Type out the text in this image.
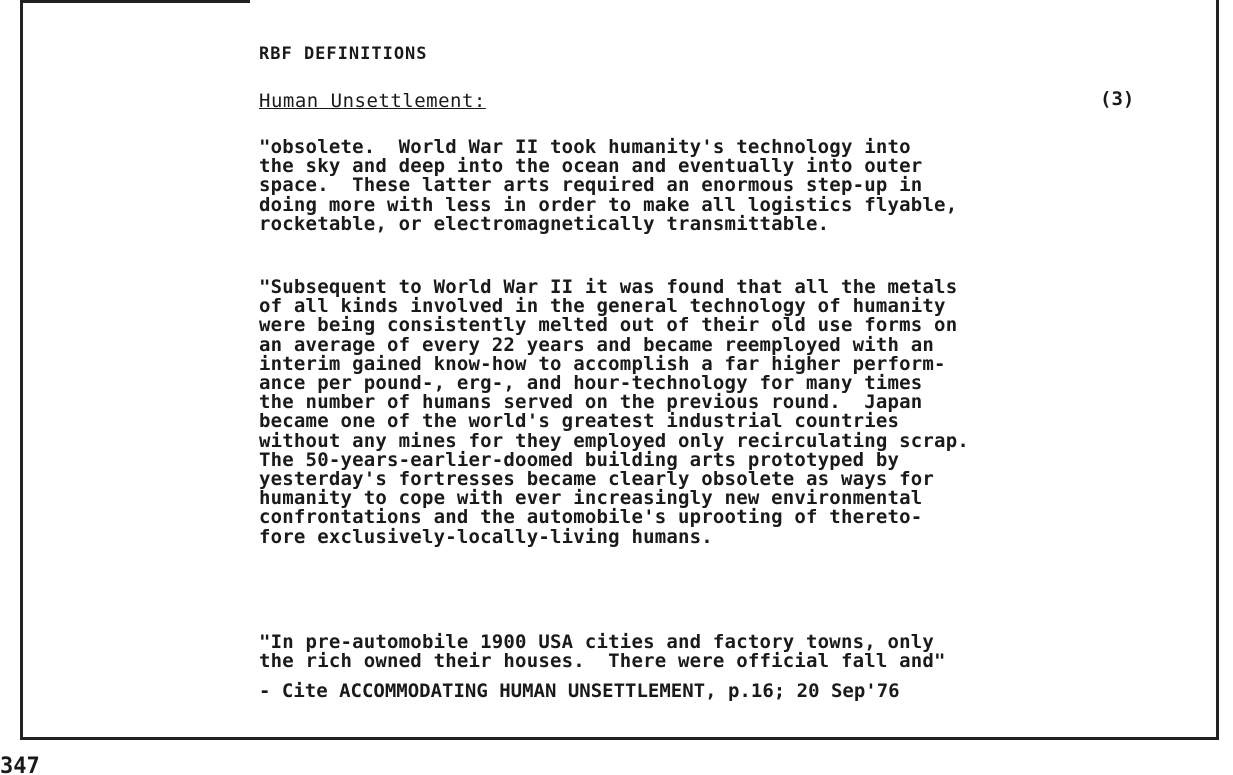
RBF DEFINITIONS
Human Unsettlement:	(3)
"obsolete.  World War II took humanity's technology into
the sky and deep into the ocean and eventually into outer
space.  These latter arts required an enormous step-up in
doing more with less in order to make all logistics flyable,
rocketable, or electromagnetically transmittable.
"Subsequent to World War II it was found that all the metals
of all kinds involved in the general technology of humanity
were being consistently melted out of their old use forms on
an average of every 22 years and became reemployed with an
interim gained know-how to accomplish a far higher perform-
ance per pound-, erg-, and hour-technology for many times
the number of humans served on the previous round.  Japan
became one of the world's greatest industrial countries
without any mines for they employed only recirculating scrap.
The 50-years-earlier-doomed building arts prototyped by
yesterday's fortresses became clearly obsolete as ways for
humanity to cope with ever increasingly new environmental
confrontations and the automobile's uprooting of thereto-
fore exclusively-locally-living humans.
"In pre-automobile 1900 USA cities and factory towns, only
the rich owned their houses.  There were official fall and"
- Cite ACCOMMODATING HUMAN UNSETTLEMENT, p.16; 20 Sep'76
347
